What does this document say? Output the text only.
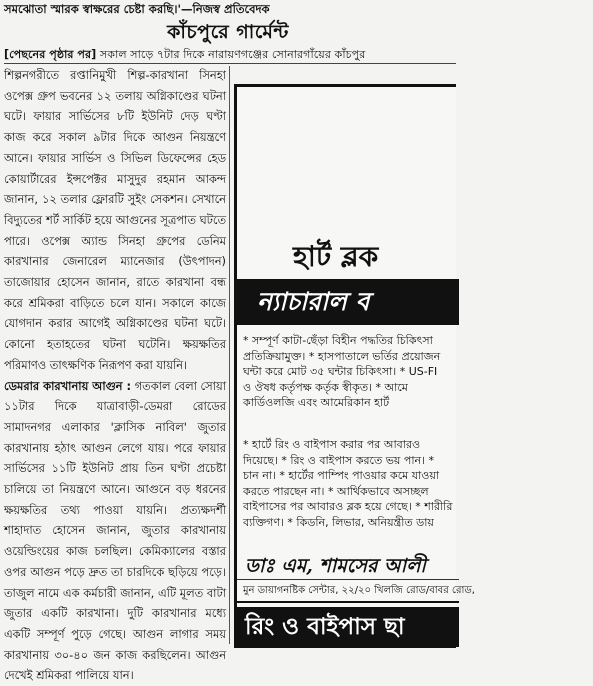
সমঝোতা স্মারক স্বাক্ষরের চেষ্টা করছি।'—নিজস্ব প্রতিবেদক
কাঁচপুরে গার্মেন্ট
[পেছনের পৃষ্ঠার পর] সকাল সাড়ে ৭টার দিকে নারায়ণগঞ্জের সোনারগাঁয়ের কাঁচপুর

শিল্পনগরীতে রপ্তানিমুখী শিল্প-কারখানা সিনহা ওপেক্স গ্রুপ ভবনের ১২ তলায় অগ্নিকাণ্ডের ঘটনা ঘটে। ফায়ার সার্ভিসের ৮টি ইউনিট দেড় ঘণ্টা কাজ করে সকাল ৯টার দিকে আগুন নিয়ন্ত্রণে আনে। ফায়ার সার্ভিস ও সিভিল ডিফেন্সের হেড কোয়ার্টারের ইন্সপেক্টর মাসুদুর রহমান আকন্দ জানান, ১২ তলার ফ্লোরটি সুইং সেকশন। সেখানে বিদ্যুতের শর্ট সার্কিট হয়ে আগুনের সূত্রপাত ঘটতে পারে। ওপেক্স অ্যান্ড সিনহা গ্রুপের ডেনিম কারখানার জেনারেল ম্যানেজার (উৎপাদন) তাজোয়ার হোসেন জানান, রাতে কারখানা বন্ধ করে শ্রমিকরা বাড়িতে চলে যান। সকালে কাজে যোগদান করার আগেই অগ্নিকাণ্ডের ঘটনা ঘটে। কোনো হতাহতের ঘটনা ঘটেনি। ক্ষয়ক্ষতির পরিমাণও তাৎক্ষণিক নিরূপণ করা যায়নি।

ডেমরার কারখানায় আগুন : গতকাল বেলা সোয়া ১১টার দিকে যাত্রাবাড়ী-ডেমরা রোডের সামাদনগর এলাকার 'ক্লাসিক নাবিল' জুতার কারখানায় হঠাৎ আগুন লেগে যায়। পরে ফায়ার সার্ভিসের ১১টি ইউনিট প্রায় তিন ঘণ্টা প্রচেষ্টা চালিয়ে তা নিয়ন্ত্রণে আনে। আগুনে বড় ধরনের ক্ষয়ক্ষতির তথ্য পাওয়া যায়নি। প্রত্যক্ষদর্শী শাহাদাত হোসেন জানান, জুতার কারখানায় ওয়েল্ডিংয়ের কাজ চলছিল। কেমিক্যালের বস্তার ওপর আগুন পড়ে দ্রুত তা চারদিকে ছড়িয়ে পড়ে। তাজুল নামে এক কর্মচারী জানান, এটি মূলত বাটা জুতার একটি কারখানা। দুটি কারখানার মধ্যে একটি সম্পূর্ণ পুড়ে গেছে। আগুন লাগার সময় কারখানায় ৩০-৪০ জন কাজ করছিলেন। আগুন দেখেই শ্রমিকরা পালিয়ে যান।

হার্ট ব্লক
ন্যাচারাল ব
* সম্পূর্ণ কাটা-ছেঁড়া বিহীন পদ্ধতির চিকিৎসা
প্রতিক্রিয়ামুক্ত। * হাসপাতালে ভর্তির প্রয়োজন
ঘন্টা করে মোট ৩৫ ঘন্টার চিকিৎসা। * US-FI
ও ঔষধ কর্তৃপক্ষ কর্তৃক স্বীকৃত। * আমে
কার্ডিওলজি এবং আমেরিকান হার্ট
* হার্টে রিং ও বাইপাস করার পর আবারও
দিয়েছে। * রিং ও বাইপাস করতে ভয় পান। *
চান না। * হার্টের পাম্পিং পাওয়ার কমে যাওয়া
করতে পারছেন না। * আর্থিকভাবে অসচ্ছল
বাইপাসের পর আবারও ব্লক হয়ে গেছে। * শারীরি
ব্যক্তিগণ। * কিডনি, লিভার, অনিয়ন্ত্রীত ডায়
ডাঃ এম, শামসের আলী
মুন ডায়াগনষ্টিক সেন্টার, ২২/২০ খিলজি রোড/বাবর রোড,
রিং ও বাইপাস ছা
